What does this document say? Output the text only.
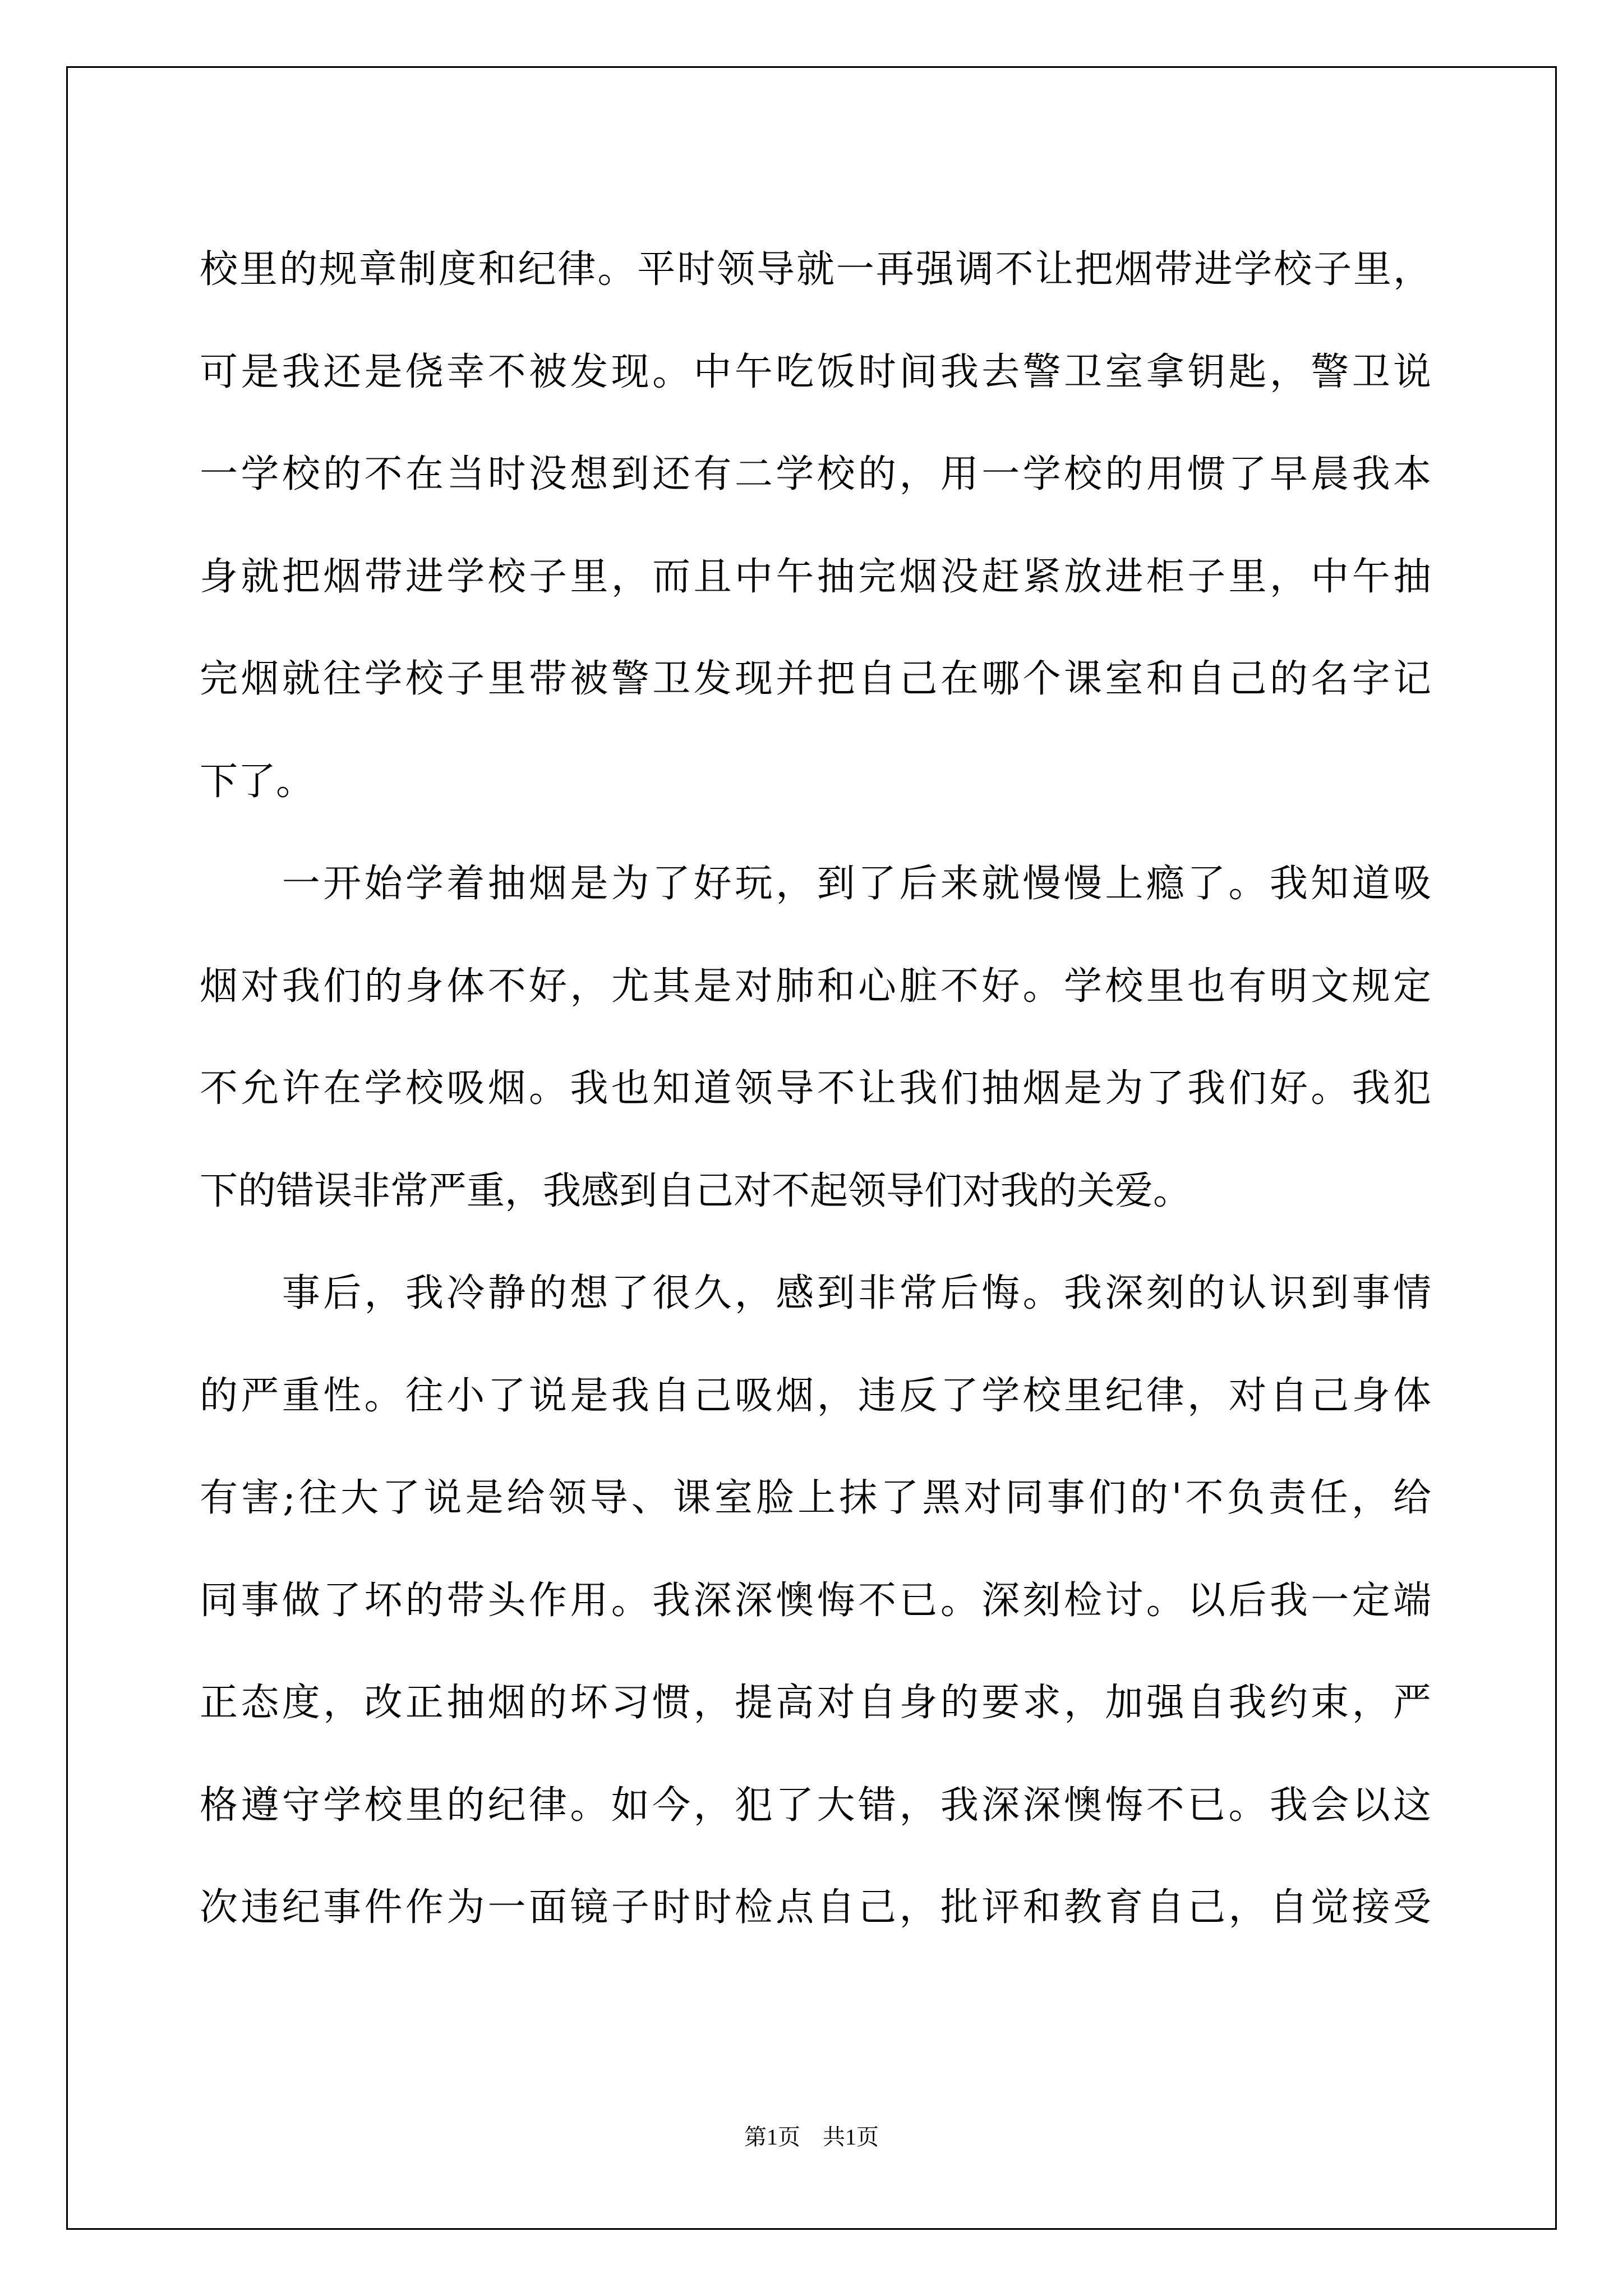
校里的规章制度和纪律。平时领导就一再强调不让把烟带进学校子里，
可是我还是侥幸不被发现。中午吃饭时间我去警卫室拿钥匙，警卫说
一学校的不在当时没想到还有二学校的，用一学校的用惯了早晨我本
身就把烟带进学校子里，而且中午抽完烟没赶紧放进柜子里，中午抽
完烟就往学校子里带被警卫发现并把自己在哪个课室和自己的名字记
下了。
　　一开始学着抽烟是为了好玩，到了后来就慢慢上瘾了。我知道吸
烟对我们的身体不好，尤其是对肺和心脏不好。学校里也有明文规定
不允许在学校吸烟。我也知道领导不让我们抽烟是为了我们好。我犯
下的错误非常严重，我感到自己对不起领导们对我的关爱。
　　事后，我冷静的想了很久，感到非常后悔。我深刻的认识到事情
的严重性。往小了说是我自己吸烟，违反了学校里纪律，对自己身体
有害;往大了说是给领导、课室脸上抹了黑对同事们的'不负责任，给
同事做了坏的带头作用。我深深懊悔不已。深刻检讨。以后我一定端
正态度，改正抽烟的坏习惯，提高对自身的要求，加强自我约束，严
格遵守学校里的纪律。如今，犯了大错，我深深懊悔不已。我会以这
次违纪事件作为一面镜子时时检点自己，批评和教育自己，自觉接受
第1页　共1页
